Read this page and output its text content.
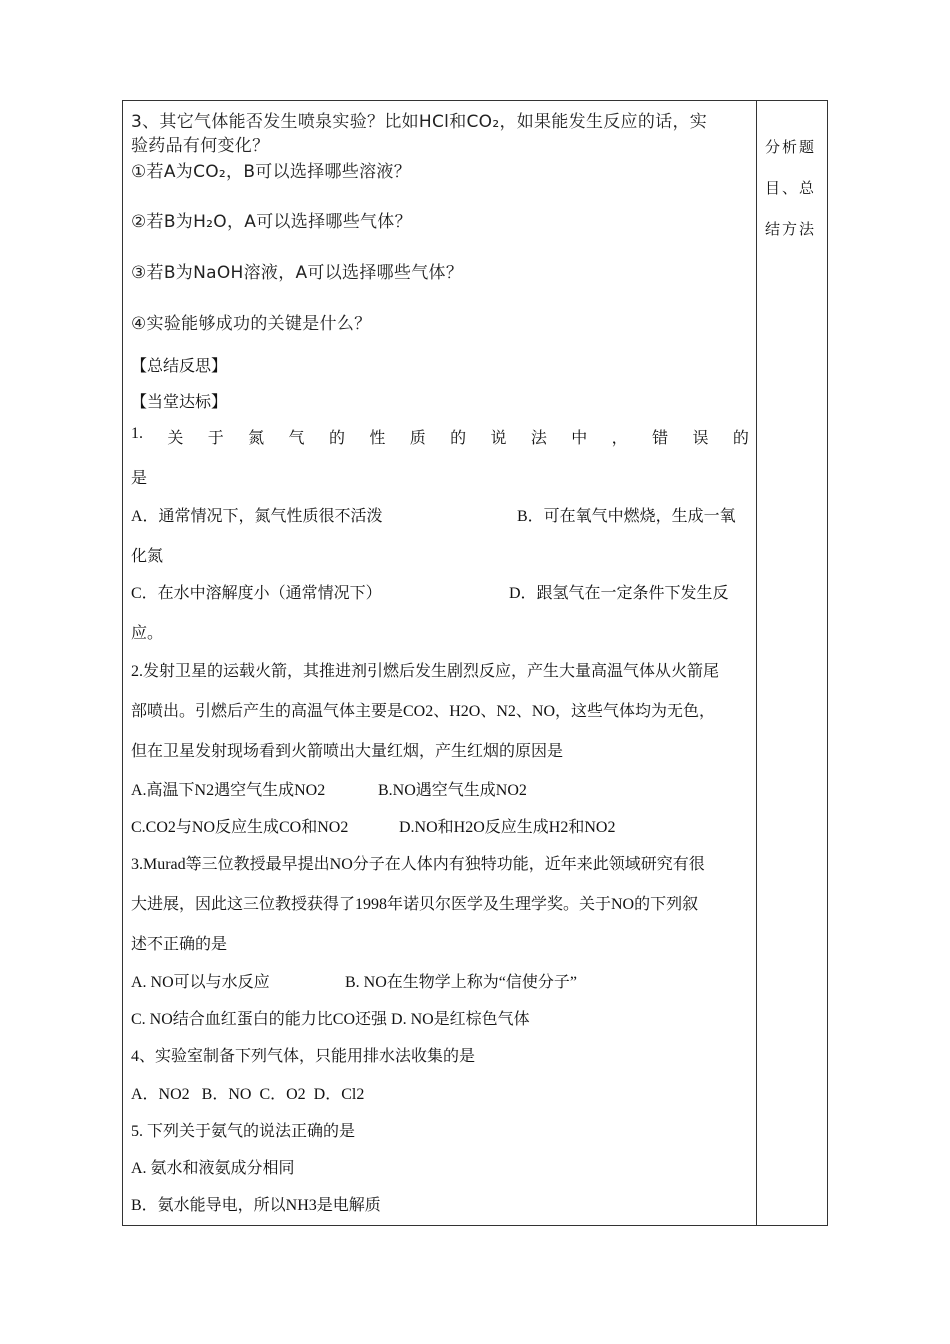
3、其它气体能否发生喷泉实验？比如HCl和CO₂，如果能发生反应的话，实
验药品有何变化？
①若A为CO₂，B可以选择哪些溶液？
②若B为H₂O，A可以选择哪些气体？
③若B为NaOH溶液，A可以选择哪些气体？
④实验能够成功的关键是什么？
【总结反思】
【当堂达标】
1. 关 于 氮 气 的 性 质 的 说 法 中 ， 错 误 的
是
A．通常情况下，氮气性质很不活泼	B．可在氧气中燃烧，生成一氧
化氮
C．在水中溶解度小（通常情况下）	D．跟氢气在一定条件下发生反
应。
2.发射卫星的运载火箭，其推进剂引燃后发生剧烈反应，产生大量高温气体从火箭尾
部喷出。引燃后产生的高温气体主要是CO2、H2O、N2、NO，这些气体均为无色，
但在卫星发射现场看到火箭喷出大量红烟，产生红烟的原因是
A.高温下N2遇空气生成NO2	B.NO遇空气生成NO2
C.CO2与NO反应生成CO和NO2	D.NO和H2O反应生成H2和NO2
3.Murad等三位教授最早提出NO分子在人体内有独特功能，近年来此领域研究有很
大进展，因此这三位教授获得了1998年诺贝尔医学及生理学奖。关于NO的下列叙
述不正确的是
A. NO可以与水反应	B. NO在生物学上称为“信使分子”
C. NO结合血红蛋白的能力比CO还强 D. NO是红棕色气体
4、实验室制备下列气体，只能用排水法收集的是
A．NO2   B．NO  C．O2  D．Cl2
5. 下列关于氨气的说法正确的是
A. 氨水和液氨成分相同
B．氨水能导电，所以NH3是电解质
分析题目、总结方法
